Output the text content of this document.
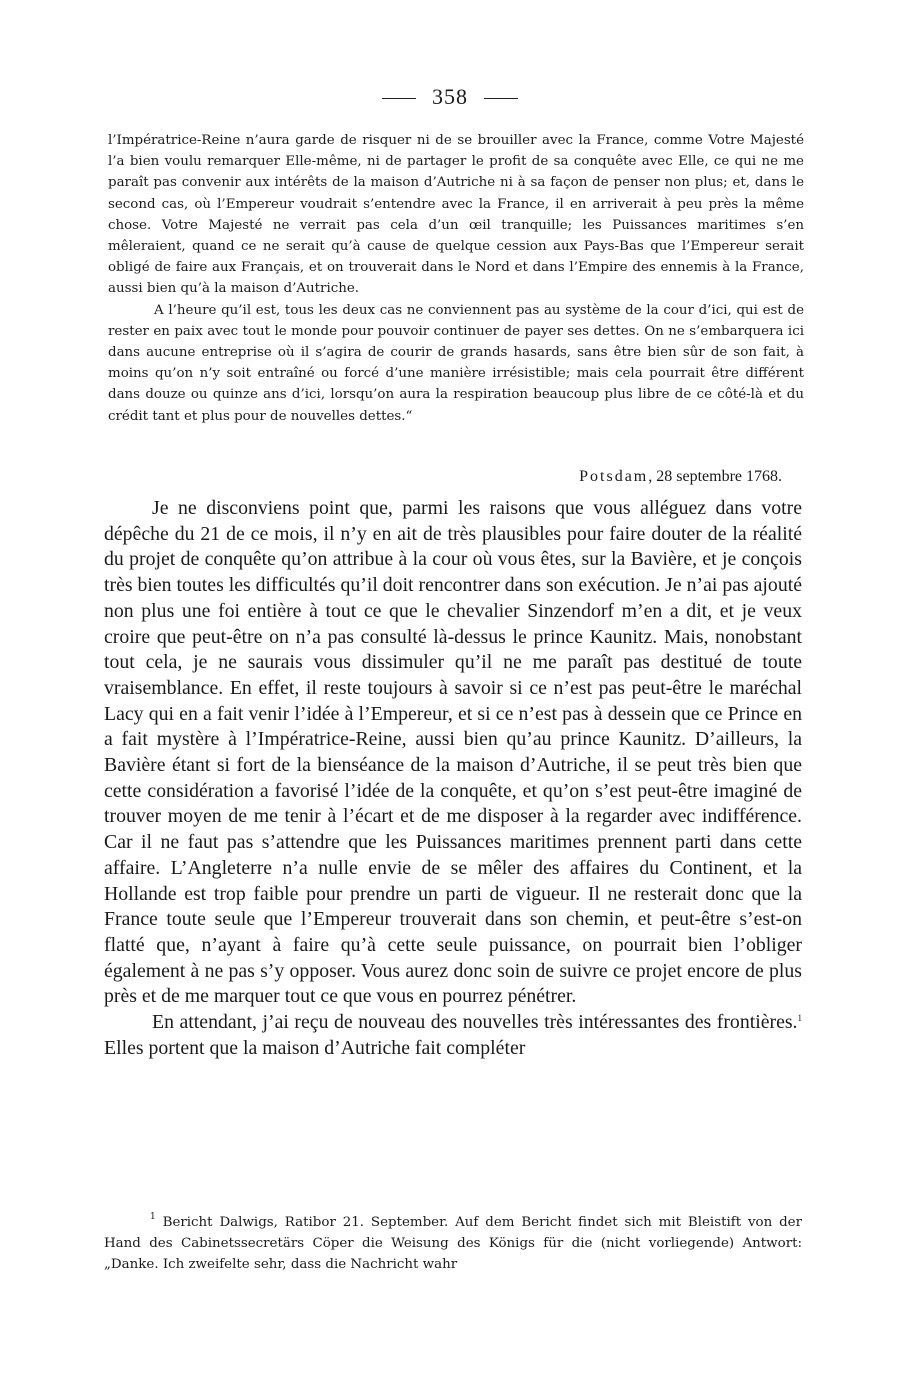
358

l’Impératrice-Reine n’aura garde de risquer ni de se brouiller avec la France, comme Votre Majesté l’a bien voulu remarquer Elle-même, ni de partager le profit de sa conquête avec Elle, ce qui ne me paraît pas convenir aux intérêts de la maison d’Autriche ni à sa façon de penser non plus; et, dans le second cas, où l’Empereur voudrait s’entendre avec la France, il en arriverait à peu près la même chose. Votre Majesté ne verrait pas cela d’un œil tranquille; les Puissances maritimes s’en mêleraient, quand ce ne serait qu’à cause de quelque cession aux Pays-Bas que l’Empereur serait obligé de faire aux Français, et on trouverait dans le Nord et dans l’Empire des ennemis à la France, aussi bien qu’à la maison d’Autriche.

A l’heure qu’il est, tous les deux cas ne conviennent pas au système de la cour d’ici, qui est de rester en paix avec tout le monde pour pouvoir continuer de payer ses dettes. On ne s’embarquera ici dans aucune entreprise où il s’agira de courir de grands hasards, sans être bien sûr de son fait, à moins qu’on n’y soit entraîné ou forcé d’une manière irrésistible; mais cela pourrait être différent dans douze ou quinze ans d’ici, lorsqu’on aura la respiration beaucoup plus libre de ce côté-là et du crédit tant et plus pour de nouvelles dettes.“

Potsdam, 28 septembre 1768.

Je ne disconviens point que, parmi les raisons que vous alléguez dans votre dépêche du 21 de ce mois, il n’y en ait de très plausibles pour faire douter de la réalité du projet de conquête qu’on attribue à la cour où vous êtes, sur la Bavière, et je conçois très bien toutes les difficultés qu’il doit rencontrer dans son exécution. Je n’ai pas ajouté non plus une foi entière à tout ce que le chevalier Sinzendorf m’en a dit, et je veux croire que peut-être on n’a pas consulté là-dessus le prince Kaunitz. Mais, nonobstant tout cela, je ne saurais vous dissimuler qu’il ne me paraît pas destitué de toute vraisemblance. En effet, il reste toujours à savoir si ce n’est pas peut-être le maréchal Lacy qui en a fait venir l’idée à l’Empereur, et si ce n’est pas à dessein que ce Prince en a fait mystère à l’Impératrice-Reine, aussi bien qu’au prince Kaunitz. D’ailleurs, la Bavière étant si fort de la bienséance de la maison d’Autriche, il se peut très bien que cette considération a favorisé l’idée de la conquête, et qu’on s’est peut-être imaginé de trouver moyen de me tenir à l’écart et de me disposer à la regarder avec indifférence. Car il ne faut pas s’attendre que les Puissances maritimes prennent parti dans cette affaire. L’Angleterre n’a nulle envie de se mêler des affaires du Continent, et la Hollande est trop faible pour prendre un parti de vigueur. Il ne resterait donc que la France toute seule que l’Empereur trouverait dans son chemin, et peut-être s’est-on flatté que, n’ayant à faire qu’à cette seule puissance, on pourrait bien l’obliger également à ne pas s’y opposer. Vous aurez donc soin de suivre ce projet encore de plus près et de me marquer tout ce que vous en pourrez pénétrer.

En attendant, j’ai reçu de nouveau des nouvelles très intéressantes des frontières.$^1$ Elles portent que la maison d’Autriche fait compléter

$^1$ Bericht Dalwigs, Ratibor 21. September. Auf dem Bericht findet sich mit Bleistift von der Hand des Cabinetssecretärs Cöper die Weisung des Königs für die (nicht vorliegende) Antwort: „Danke. Ich zweifelte sehr, dass die Nachricht wahr
